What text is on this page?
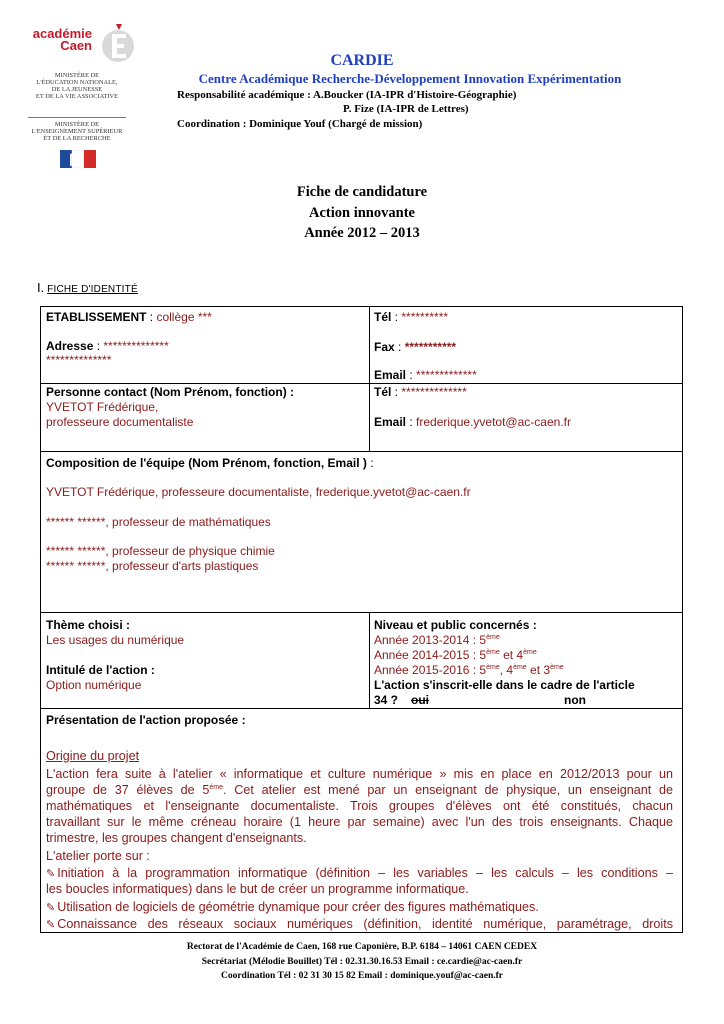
académie
Caen
MINISTÈRE DE
L'ÉDUCATION NATIONALE,
DE LA JEUNESSE
ET DE LA VIE ASSOCIATIVE
MINISTÈRE DE
L'ENSEIGNEMENT SUPÉRIEUR
ET DE LA RECHERCHE
CARDIE
Centre Académique Recherche-Développement Innovation Expérimentation
Responsabilité académique : A.Boucker (IA-IPR d'Histoire-Géographie)
P. Fize (IA-IPR de Lettres)
Coordination : Dominique Youf (Chargé de mission)
Fiche de candidature
Action innovante
Année 2012 – 2013
I. FICHE D'IDENTITÉ
ETABLISSEMENT : collège ***
Adresse : **************
**************
Tél : **********
Fax : ***********
Email : *************
Personne contact (Nom Prénom, fonction) :
YVETOT Frédérique,
professeure documentaliste
Tél : **************
Email : frederique.yvetot@ac-caen.fr
Composition de l'équipe (Nom Prénom, fonction, Email ) :
YVETOT Frédérique, professeure documentaliste, frederique.yvetot@ac-caen.fr
****** ******, professeur de mathématiques
****** ******, professeur de physique chimie
****** ******, professeur d'arts plastiques
Thème choisi :
Les usages du numérique
Intitulé de l'action :
Option numérique
Niveau et public concernés :
Année 2013-2014 : 5ème
Année 2014-2015 : 5ème et 4ème
Année 2015-2016 : 5ème, 4ème et 3ème
L'action s'inscrit-elle dans le cadre de l'article
34 ? oui	non
Présentation de l'action proposée :
Origine du projet
L'action fera suite à l'atelier « informatique et culture numérique » mis en place en 2012/2013 pour un
groupe de 37 élèves de 5ème. Cet atelier est mené par un enseignant de physique, un enseignant de
mathématiques et l'enseignante documentaliste. Trois groupes d'élèves ont été constitués, chacun
travaillant sur le même créneau horaire (1 heure par semaine) avec l'un des trois enseignants. Chaque
trimestre, les groupes changent d'enseignants.
L'atelier porte sur :
✎ Initiation à la programmation informatique (définition – les variables – les calculs – les conditions –
les boucles informatiques) dans le but de créer un programme informatique.
✎ Utilisation de logiciels de géométrie dynamique pour créer des figures mathématiques.
✎ Connaissance des réseaux sociaux numériques (définition, identité numérique, paramétrage, droits
Rectorat de l'Académie de Caen, 168 rue Caponière, B.P. 6184 – 14061 CAEN CEDEX
Secrétariat (Mélodie Bouillet) Tél : 02.31.30.16.53 Email : ce.cardie@ac-caen.fr
Coordination Tél : 02 31 30 15 82 Email : dominique.youf@ac-caen.fr
